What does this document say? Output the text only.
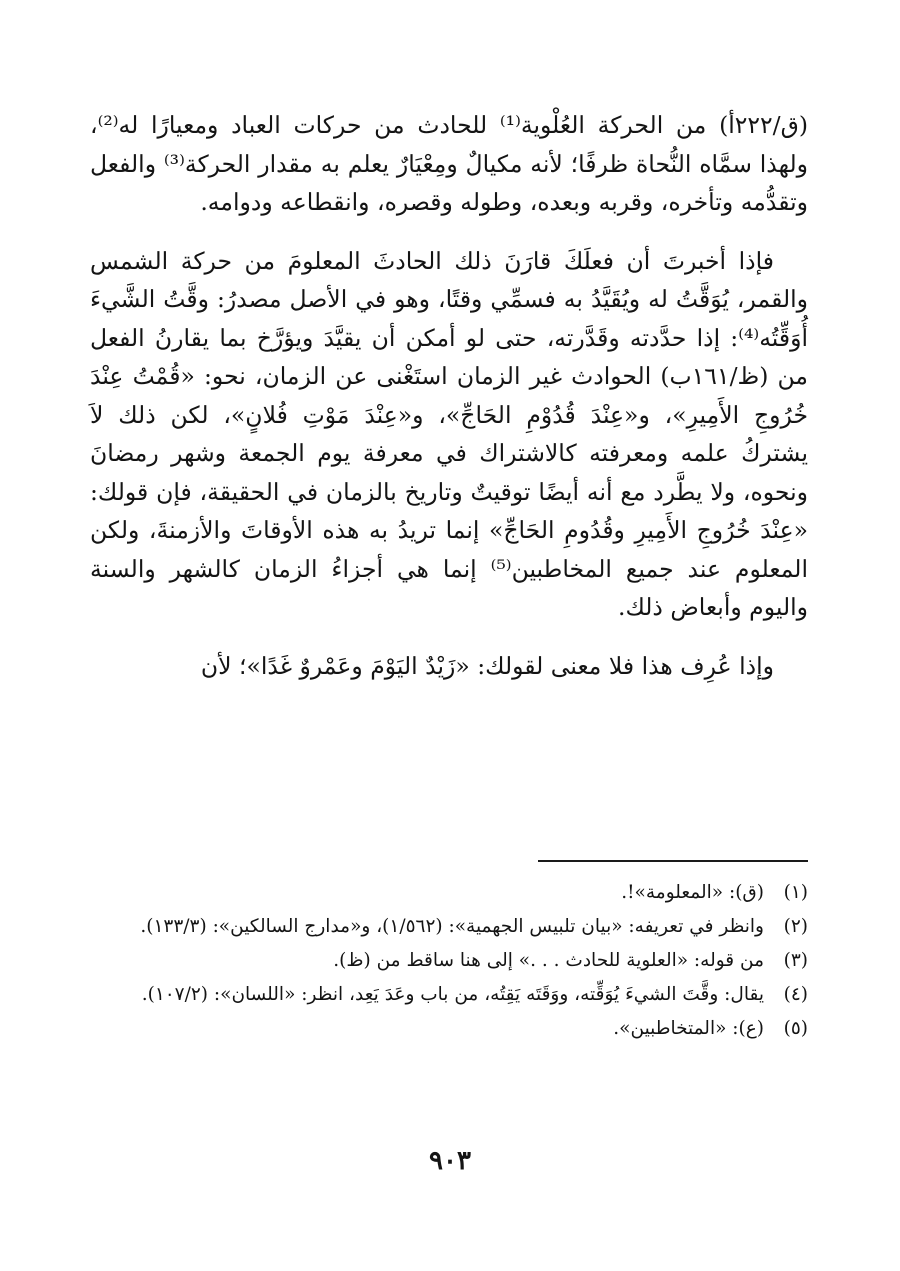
(ق/٢٢٢أ) من الحركة العُلْوية⁽¹⁾ للحادث من حركات العباد ومعيارًا له⁽²⁾، ولهذا سمَّاه النُّحاة ظرفًا؛ لأنه مكيالٌ ومِعْيَارٌ يعلم به مقدار الحركة⁽³⁾ والفعل وتقدُّمه وتأخره، وقربه وبعده، وطوله وقصره، وانقطاعه ودوامه.

فإذا أخبرتَ أن فعلَكَ قارَنَ ذلك الحادثَ المعلومَ من حركة الشمس والقمر، يُوَقَّتُ له ويُقَيَّدُ به فسمِّي وقتًا، وهو في الأصل مصدرُ: وقَّتُ الشَّيءَ أُوَقِّتُه⁽⁴⁾: إذا حدَّدته وقَدَّرته، حتى لو أمكن أن يقيَّدَ ويؤرَّخ بما يقارنُ الفعل من (ظ/١٦١ب) الحوادث غير الزمان استَغْنى عن الزمان، نحو: «قُمْتُ عِنْدَ خُرُوجِ الأَمِيرِ»، و«عِنْدَ قُدُوْمِ الحَاجِّ»، و«عِنْدَ مَوْتِ فُلانٍ»، لكن ذلك لاَ يشتركُ علمه ومعرفته كالاشتراك في معرفة يوم الجمعة وشهر رمضانَ ونحوه، ولا يطَّرد مع أنه أيضًا توقيتٌ وتاريخ بالزمان في الحقيقة، فإن قولك: «عِنْدَ خُرُوجِ الأَمِيرِ وقُدُومِ الحَاجِّ» إنما تريدُ به هذه الأوقاتَ والأزمنةَ، ولكن المعلوم عند جميع المخاطبين⁽⁵⁾ إنما هي أجزاءُ الزمان كالشهر والسنة واليوم وأبعاض ذلك.

وإذا عُرِف هذا فلا معنى لقولك: «زَيْدٌ اليَوْمَ وعَمْروٌ غَدًا»؛ لأن

(١)
(ق): «المعلومة»!.
(٢)
وانظر في تعريفه: «بيان تلبيس الجهمية»: (١/٥٦٢)، و«مدارج السالكين»: (١٣٣/٣).
(٣)
من قوله: «العلوية للحادث . . .» إلى هنا ساقط من (ظ).
(٤)
يقال: وقَّتَ الشيءَ يُوَقِّته، ووَقَتَه يَقِتُه، من باب وعَدَ يَعِد، انظر: «اللسان»: (١٠٧/٢).
(٥)
(ع): «المتخاطبين».
٩٠٣
